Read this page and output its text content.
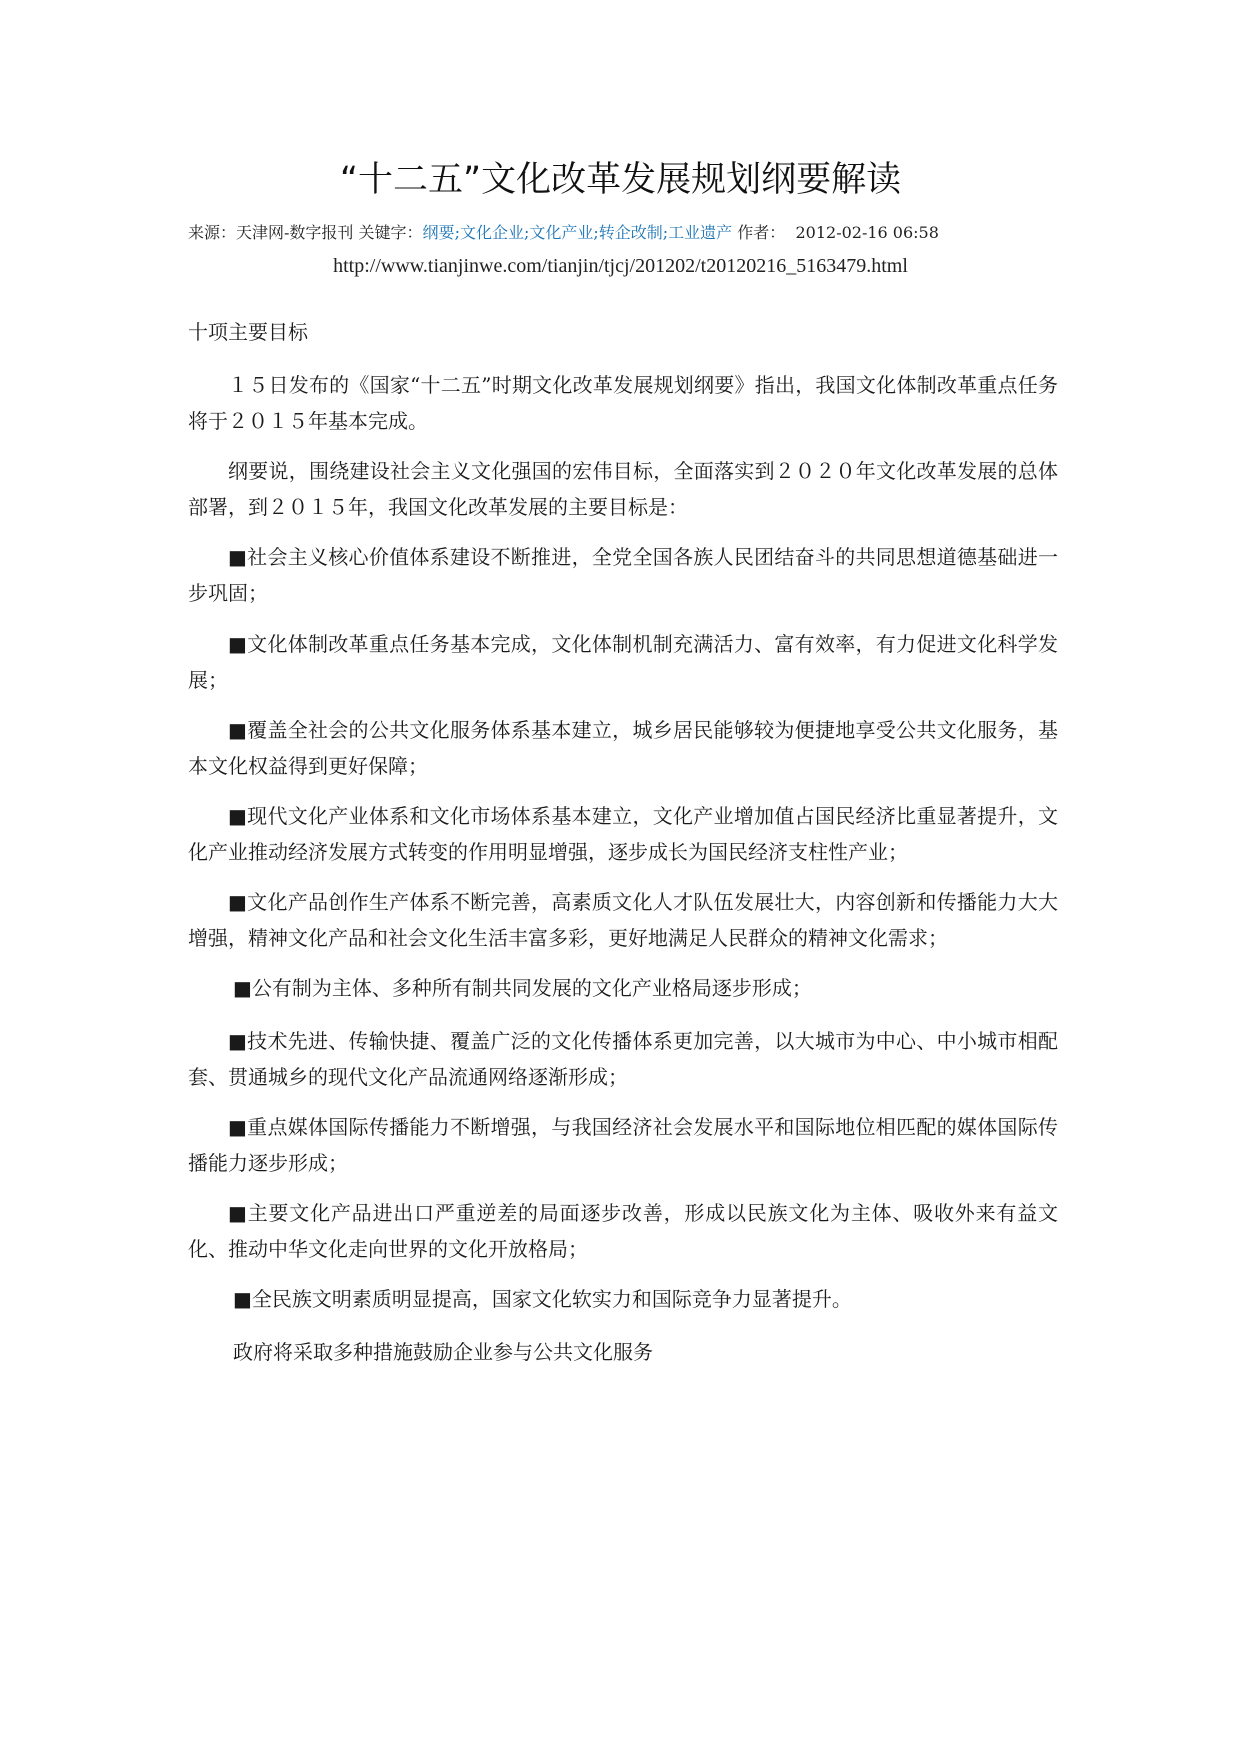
“十二五”文化改革发展规划纲要解读
来源：天津网-数字报刊 关键字：纲要;文化企业;文化产业;转企改制;工业遗产 作者： 2012-02-16 06:58
http://www.tianjinwe.com/tianjin/tjcj/201202/t20120216_5163479.html
十项主要目标

１５日发布的《国家“十二五”时期文化改革发展规划纲要》指出，我国文化体制改革重点任务将于２０１５年基本完成。

纲要说，围绕建设社会主义文化强国的宏伟目标，全面落实到２０２０年文化改革发展的总体部署，到２０１５年，我国文化改革发展的主要目标是：

■社会主义核心价值体系建设不断推进，全党全国各族人民团结奋斗的共同思想道德基础进一步巩固；

■文化体制改革重点任务基本完成，文化体制机制充满活力、富有效率，有力促进文化科学发展；

■覆盖全社会的公共文化服务体系基本建立，城乡居民能够较为便捷地享受公共文化服务，基本文化权益得到更好保障；

■现代文化产业体系和文化市场体系基本建立，文化产业增加值占国民经济比重显著提升，文化产业推动经济发展方式转变的作用明显增强，逐步成长为国民经济支柱性产业；

■文化产品创作生产体系不断完善，高素质文化人才队伍发展壮大，内容创新和传播能力大大增强，精神文化产品和社会文化生活丰富多彩，更好地满足人民群众的精神文化需求；

■公有制为主体、多种所有制共同发展的文化产业格局逐步形成；

■技术先进、传输快捷、覆盖广泛的文化传播体系更加完善，以大城市为中心、中小城市相配套、贯通城乡的现代文化产品流通网络逐渐形成；

■重点媒体国际传播能力不断增强，与我国经济社会发展水平和国际地位相匹配的媒体国际传播能力逐步形成；

■主要文化产品进出口严重逆差的局面逐步改善，形成以民族文化为主体、吸收外来有益文化、推动中华文化走向世界的文化开放格局；

■全民族文明素质明显提高，国家文化软实力和国际竞争力显著提升。
政府将采取多种措施鼓励企业参与公共文化服务
